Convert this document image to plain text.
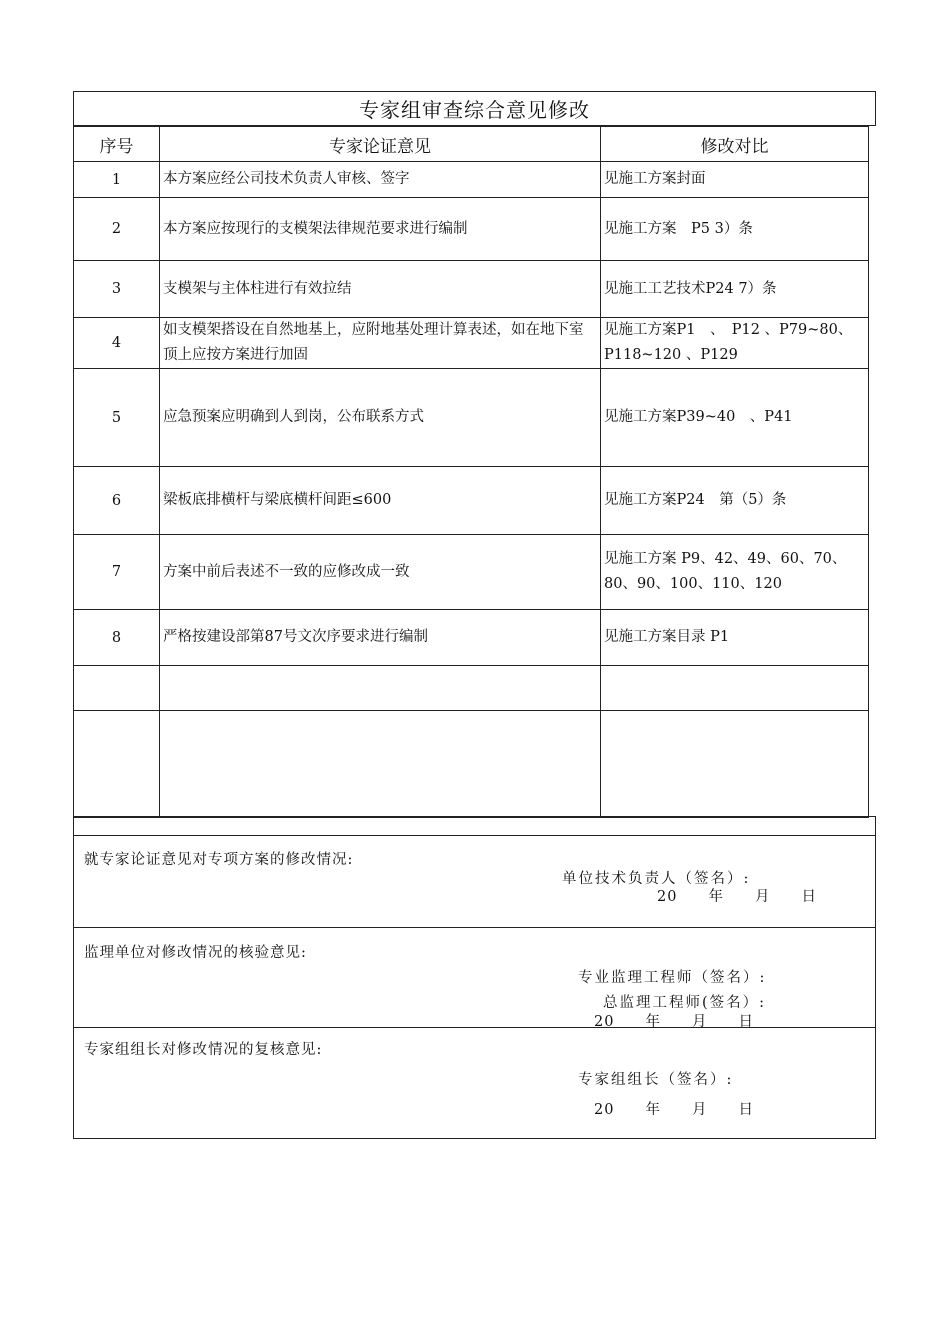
专家组审查综合意见修改
序号	专家论证意见	修改对比
1	本方案应经公司技术负责人审核、签字	见施工方案封面
2	本方案应按现行的支模架法律规范要求进行编制	见施工方案　P5 3）条
3	支模架与主体柱进行有效拉结	见施工工艺技术P24 7）条
4	如支模架搭设在自然地基上，应附地基处理计算表述，如在地下室顶上应按方案进行加固	见施工方案P1　、　P12 、P79~80、P118~120 、P129
5	应急预案应明确到人到岗，公布联系方式	见施工方案P39~40　、P41
6	梁板底排横杆与梁底横杆间距≤600	见施工方案P24　第（5）条
7	方案中前后表述不一致的应修改成一致	见施工方案 P9、42、49、60、70、80、90、100、110、120
8	严格按建设部第87号文次序要求进行编制	见施工方案目录 P1

就专家论证意见对专项方案的修改情况:
单位技术负责人（签名）:
20　　年　　月　　日
监理单位对修改情况的核验意见:
专业监理工程师（签名）:
总监理工程师(签名）:
20　　年　　月　　日
专家组组长对修改情况的复核意见:
专家组组长（签名）:
20　　年　　月　　日
